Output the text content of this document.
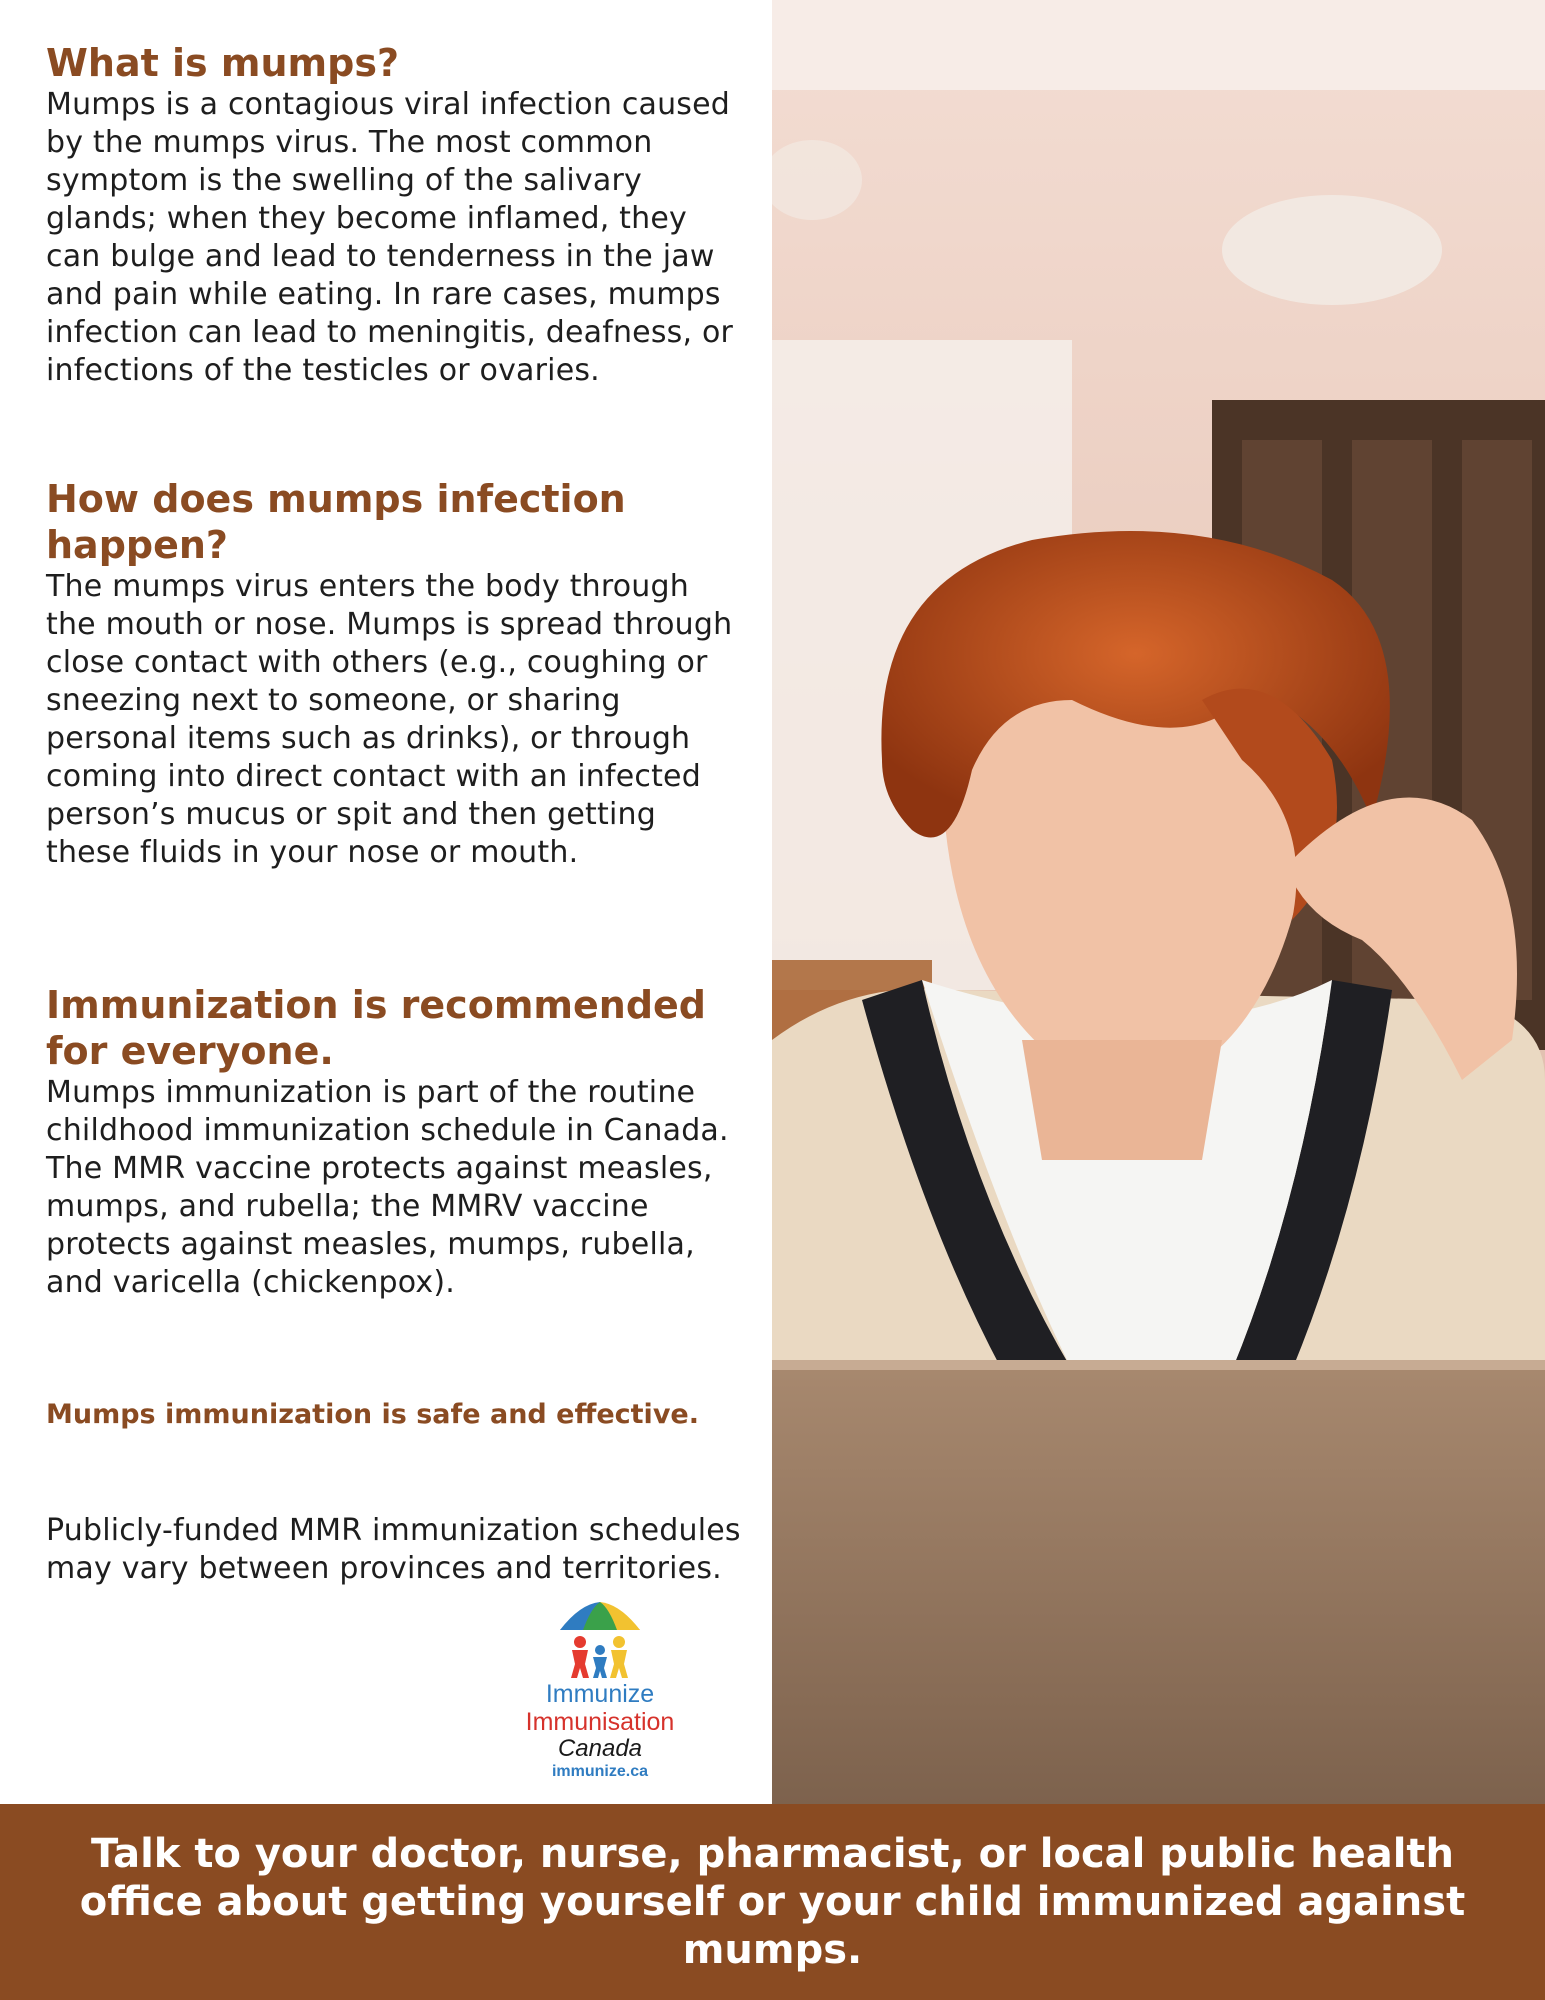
What is mumps?

Mumps is a contagious viral infection caused by the mumps virus. The most common symptom is the swelling of the salivary glands; when they become inflamed, they can bulge and lead to tenderness in the jaw and pain while eating. In rare cases, mumps infection can lead to meningitis, deafness, or infections of the testicles or ovaries.

How does mumps infection happen?

The mumps virus enters the body through the mouth or nose. Mumps is spread through close contact with others (e.g., coughing or sneezing next to someone, or sharing personal items such as drinks), or through coming into direct contact with an infected person’s mucus or spit and then getting these fluids in your nose or mouth.

Immunization is recommended for everyone.

Mumps immunization is part of the routine childhood immunization schedule in Canada. The MMR vaccine protects against measles, mumps, and rubella; the MMRV vaccine protects against measles, mumps, rubella, and varicella (chickenpox).

Mumps immunization is safe and effective.

Publicly-funded MMR immunization schedules may vary between provinces and territories.

Immunize
Immunisation
Canada
immunize.ca

Talk to your doctor, nurse, pharmacist, or local public health office about getting yourself or your child immunized against mumps.
